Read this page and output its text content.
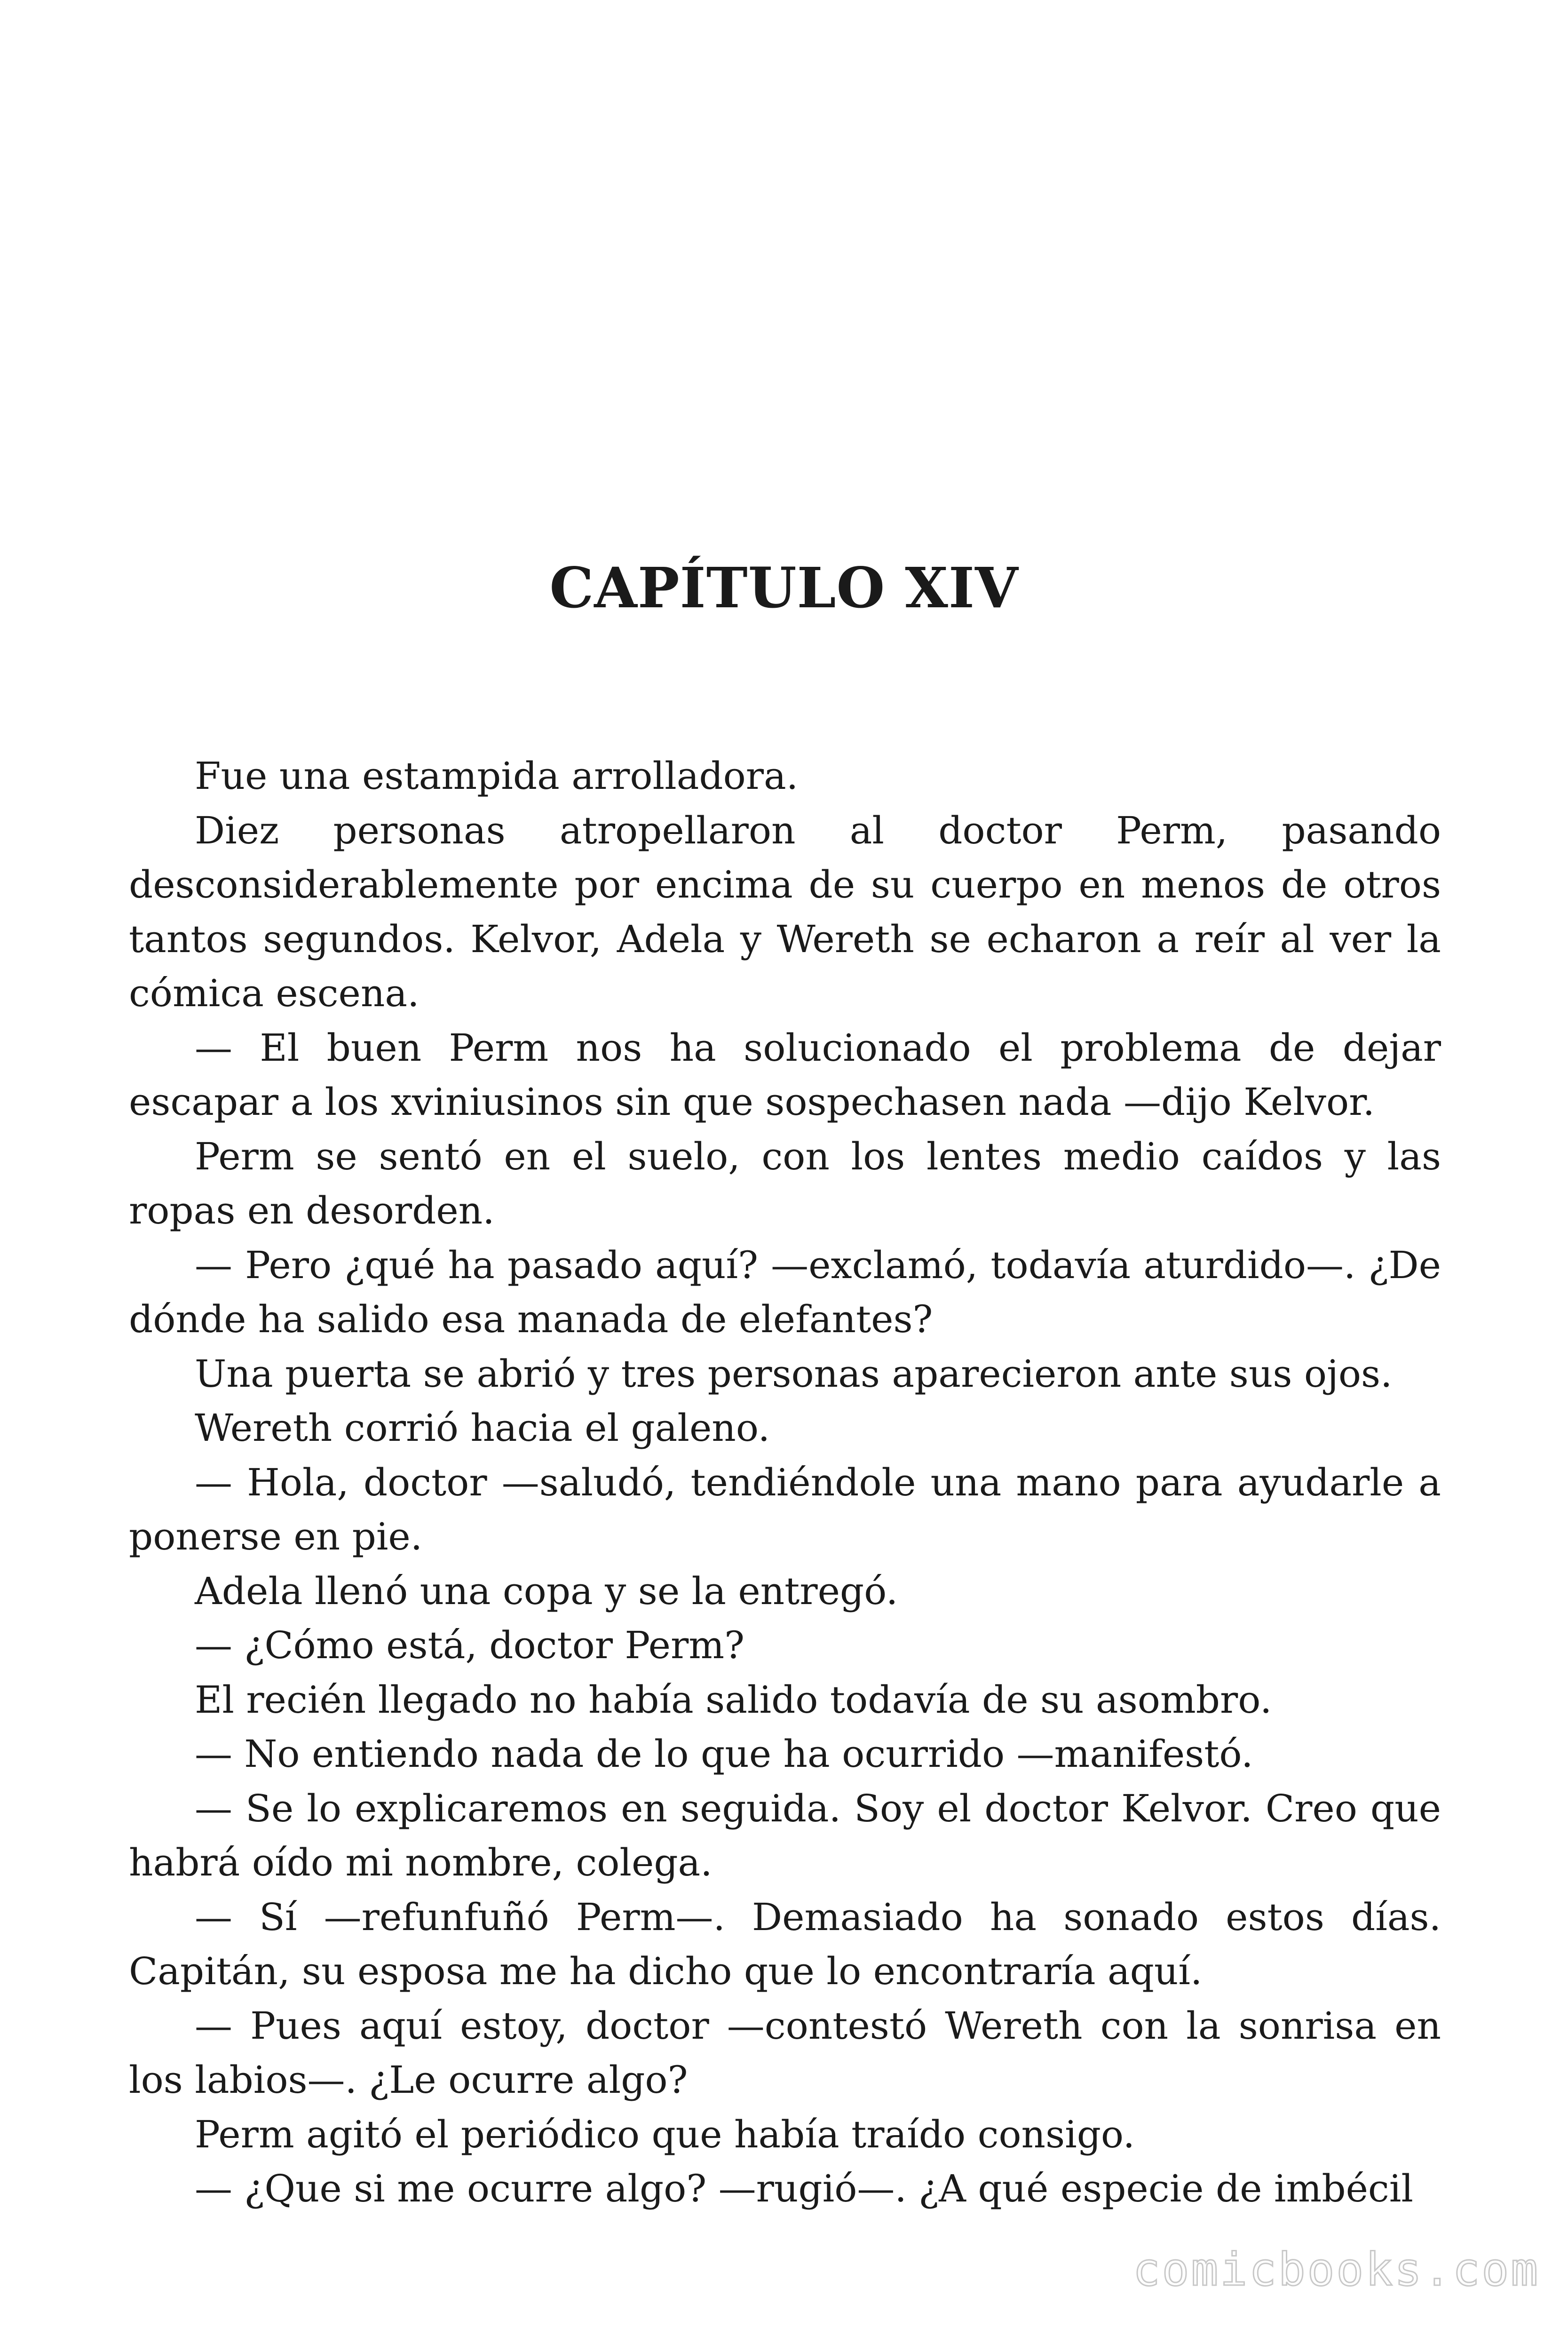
CAPÍTULO XIV

Fue una estampida arrolladora.

Diez personas atropellaron al doctor Perm, pasando desconsiderablemente por encima de su cuerpo en menos de otros tantos segundos. Kelvor, Adela y Wereth se echaron a reír al ver la cómica escena.

— El buen Perm nos ha solucionado el problema de dejar escapar a los xviniusinos sin que sospechasen nada —dijo Kelvor.

Perm se sentó en el suelo, con los lentes medio caídos y las ropas en desorden.

— Pero ¿qué ha pasado aquí? —exclamó, todavía aturdido—. ¿De dónde ha salido esa manada de elefantes?

Una puerta se abrió y tres personas aparecieron ante sus ojos.

Wereth corrió hacia el galeno.

— Hola, doctor —saludó, tendiéndole una mano para ayudarle a ponerse en pie.

Adela llenó una copa y se la entregó.

— ¿Cómo está, doctor Perm?

El recién llegado no había salido todavía de su asombro.

— No entiendo nada de lo que ha ocurrido —manifestó.

— Se lo explicaremos en seguida. Soy el doctor Kelvor. Creo que habrá oído mi nombre, colega.

— Sí —refunfuñó Perm—. Demasiado ha sonado estos días. Capitán, su esposa me ha dicho que lo encontraría aquí.

— Pues aquí estoy, doctor —contestó Wereth con la sonrisa en los labios—. ¿Le ocurre algo?

Perm agitó el periódico que había traído consigo.

— ¿Que si me ocurre algo? —rugió—. ¿A qué especie de imbécil

comicbooks.com
